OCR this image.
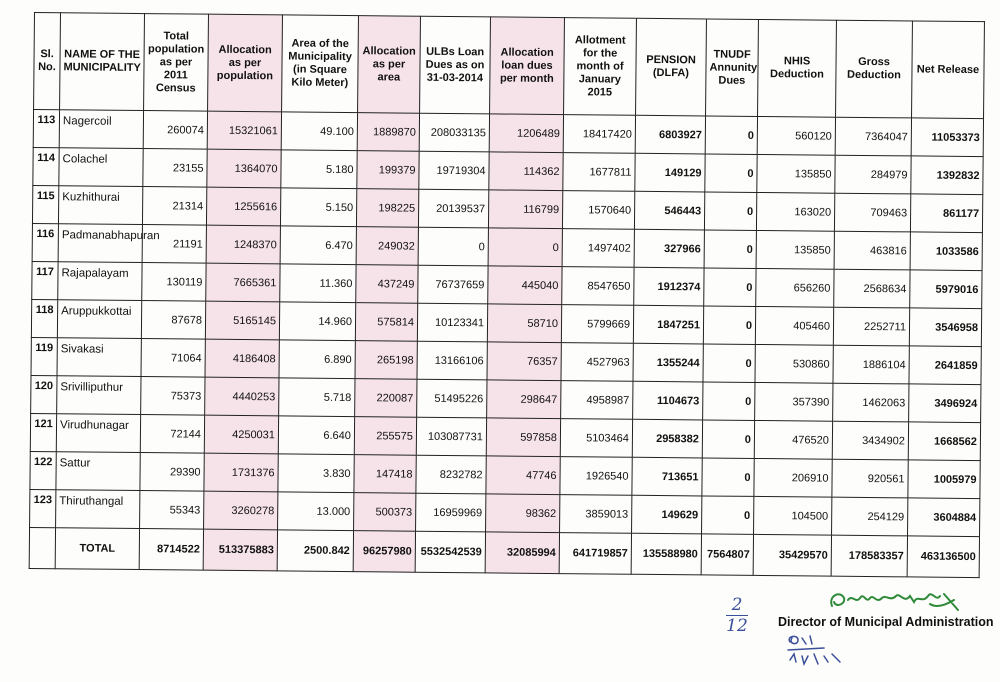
Sl. No.	NAME OF THE MUNICIPALITY	Total population as per 2011 Census	Allocation as per population	Area of the Municipality (in Square Kilo Meter)	Allocation as per area	ULBs Loan Dues as on 31-03-2014	Allocation loan dues per month	Allotment for the month of January 2015	PENSION (DLFA)	TNUDF Annunity Dues	NHIS Deduction	Gross Deduction	Net Release
113	Nagercoil	260074	15321061	49.100	1889870	208033135	1206489	18417420	6803927	0	560120	7364047	11053373
114	Colachel	23155	1364070	5.180	199379	19719304	114362	1677811	149129	0	135850	284979	1392832
115	Kuzhithurai	21314	1255616	5.150	198225	20139537	116799	1570640	546443	0	163020	709463	861177
116	Padmanabhapuran	21191	1248370	6.470	249032	0	0	1497402	327966	0	135850	463816	1033586
117	Rajapalayam	130119	7665361	11.360	437249	76737659	445040	8547650	1912374	0	656260	2568634	5979016
118	Aruppukkottai	87678	5165145	14.960	575814	10123341	58710	5799669	1847251	0	405460	2252711	3546958
119	Sivakasi	71064	4186408	6.890	265198	13166106	76357	4527963	1355244	0	530860	1886104	2641859
120	Srivilliputhur	75373	4440253	5.718	220087	51495226	298647	4958987	1104673	0	357390	1462063	3496924
121	Virudhunagar	72144	4250031	6.640	255575	103087731	597858	5103464	2958382	0	476520	3434902	1668562
122	Sattur	29390	1731376	3.830	147418	8232782	47746	1926540	713651	0	206910	920561	1005979
123	Thiruthangal	55343	3260278	13.000	500373	16959969	98362	3859013	149629	0	104500	254129	3604884
	TOTAL	8714522	513375883	2500.842	96257980	5532542539	32085994	641719857	135588980	7564807	35429570	178583357	463136500
2
12 Director of Municipal Administration
